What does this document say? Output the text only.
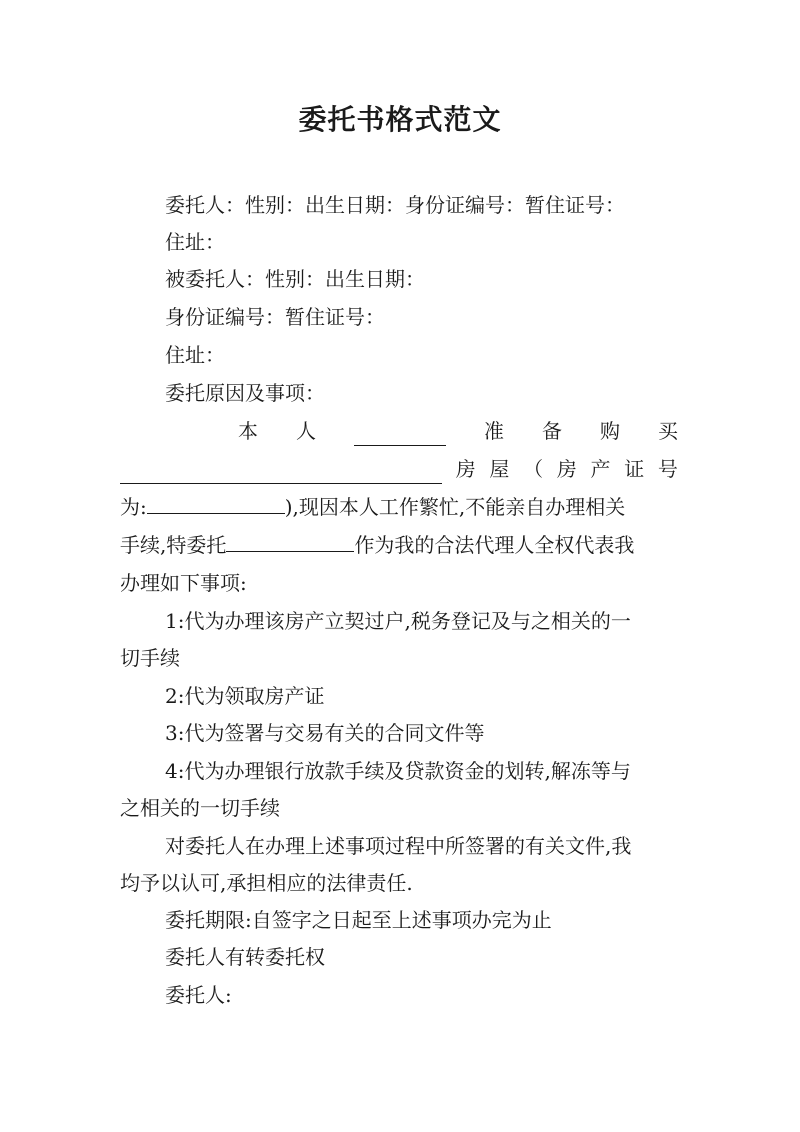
委托书格式范文
委托人：性别：出生日期：身份证编号：暂住证号：
住址：
被委托人：性别：出生日期：
身份证编号：暂住证号：
住址：
委托原因及事项：
本 人	准 备 购 买
房 屋 （ 房 产 证 号
为:	),现因本人工作繁忙,不能亲自办理相关
手续,特委托	作为我的合法代理人全权代表我
办理如下事项:
1:代为办理该房产立契过户,税务登记及与之相关的一
切手续
2:代为领取房产证
3:代为签署与交易有关的合同文件等
4:代为办理银行放款手续及贷款资金的划转,解冻等与
之相关的一切手续
对委托人在办理上述事项过程中所签署的有关文件,我
均予以认可,承担相应的法律责任.
委托期限:自签字之日起至上述事项办完为止
委托人有转委托权
委托人:
